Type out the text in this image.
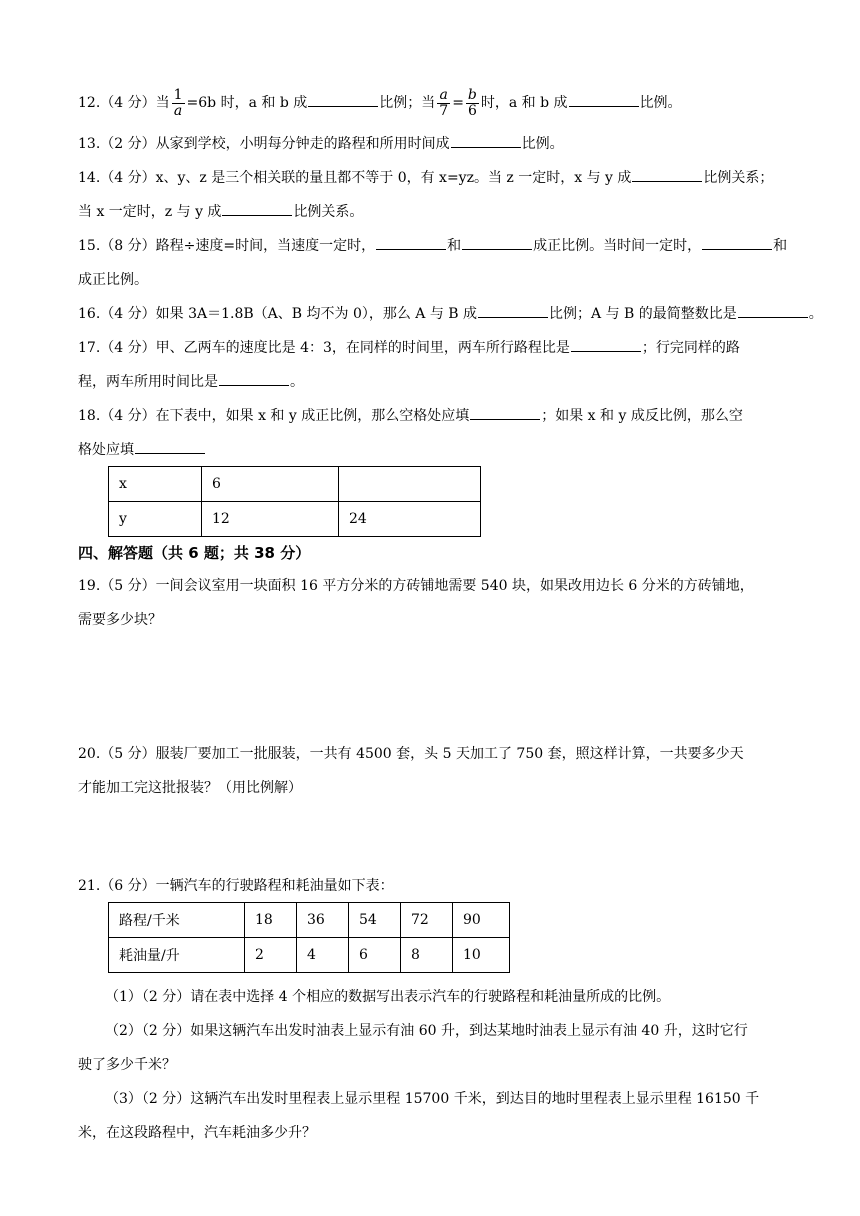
12.（4 分）当 $\frac{1}{a} =6b$ 时，a 和 b 成	比例；当 $\frac{a}{7} = \frac{b}{6}$ 时，a 和 b 成	比例。
13.（2 分）从家到学校，小明每分钟走的路程和所用时间成	比例。
14.（4 分）x、y、z 是三个相关联的量且都不等于 0，有 x=yz。当 z 一定时，x 与 y 成	比例关系；
当 x 一定时，z 与 y 成	比例关系。
15.（8 分）路程÷速度=时间，当速度一定时，	和	成正比例。当时间一定时，	和
成正比例。
16.（4 分）如果 3A＝1.8B（A、B 均不为 0），那么 A 与 B 成	比例；A 与 B 的最简整数比是	。
17.（4 分）甲、乙两车的速度比是 4：3，在同样的时间里，两车所行路程比是	；行完同样的路
程，两车所用时间比是	。
18.（4 分）在下表中，如果 x 和 y 成正比例，那么空格处应填	；如果 x 和 y 成反比例，那么空
格处应填
x	6	
y	12	24
四、解答题（共 6 题；共 38 分）
19.（5 分）一间会议室用一块面积 16 平方分米的方砖铺地需要 540 块，如果改用边长 6 分米的方砖铺地，
需要多少块？
20.（5 分）服装厂要加工一批服装，一共有 4500 套，头 5 天加工了 750 套，照这样计算，一共要多少天
才能加工完这批报装？（用比例解）
21.（6 分）一辆汽车的行驶路程和耗油量如下表：
路程/千米	18	36	54	72	90
耗油量/升	2	4	6	8	10
（1）（2 分）请在表中选择 4 个相应的数据写出表示汽车的行驶路程和耗油量所成的比例。
（2）（2 分）如果这辆汽车出发时油表上显示有油 60 升，到达某地时油表上显示有油 40 升，这时它行
驶了多少千米？
（3）（2 分）这辆汽车出发时里程表上显示里程 15700 千米，到达目的地时里程表上显示里程 16150 千
米，在这段路程中，汽车耗油多少升？
